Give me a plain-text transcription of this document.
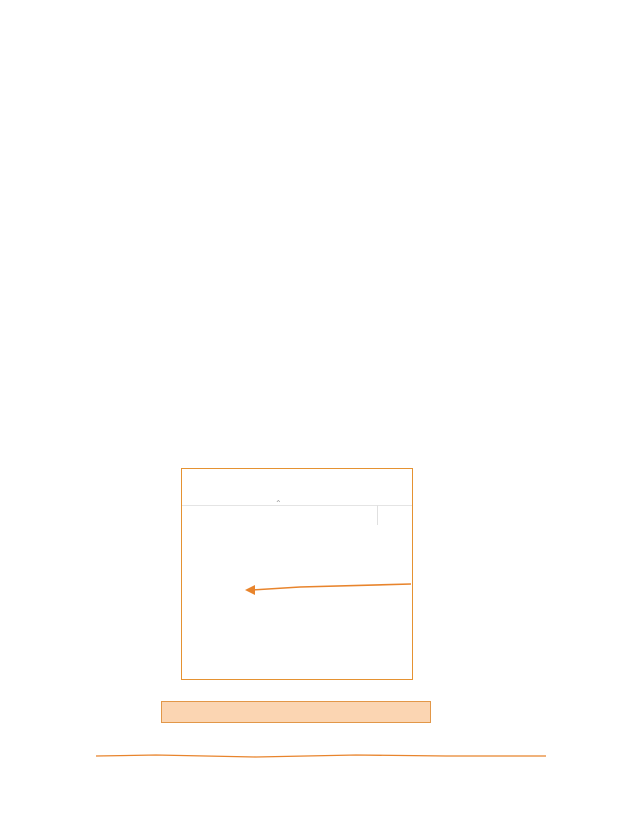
⌃
